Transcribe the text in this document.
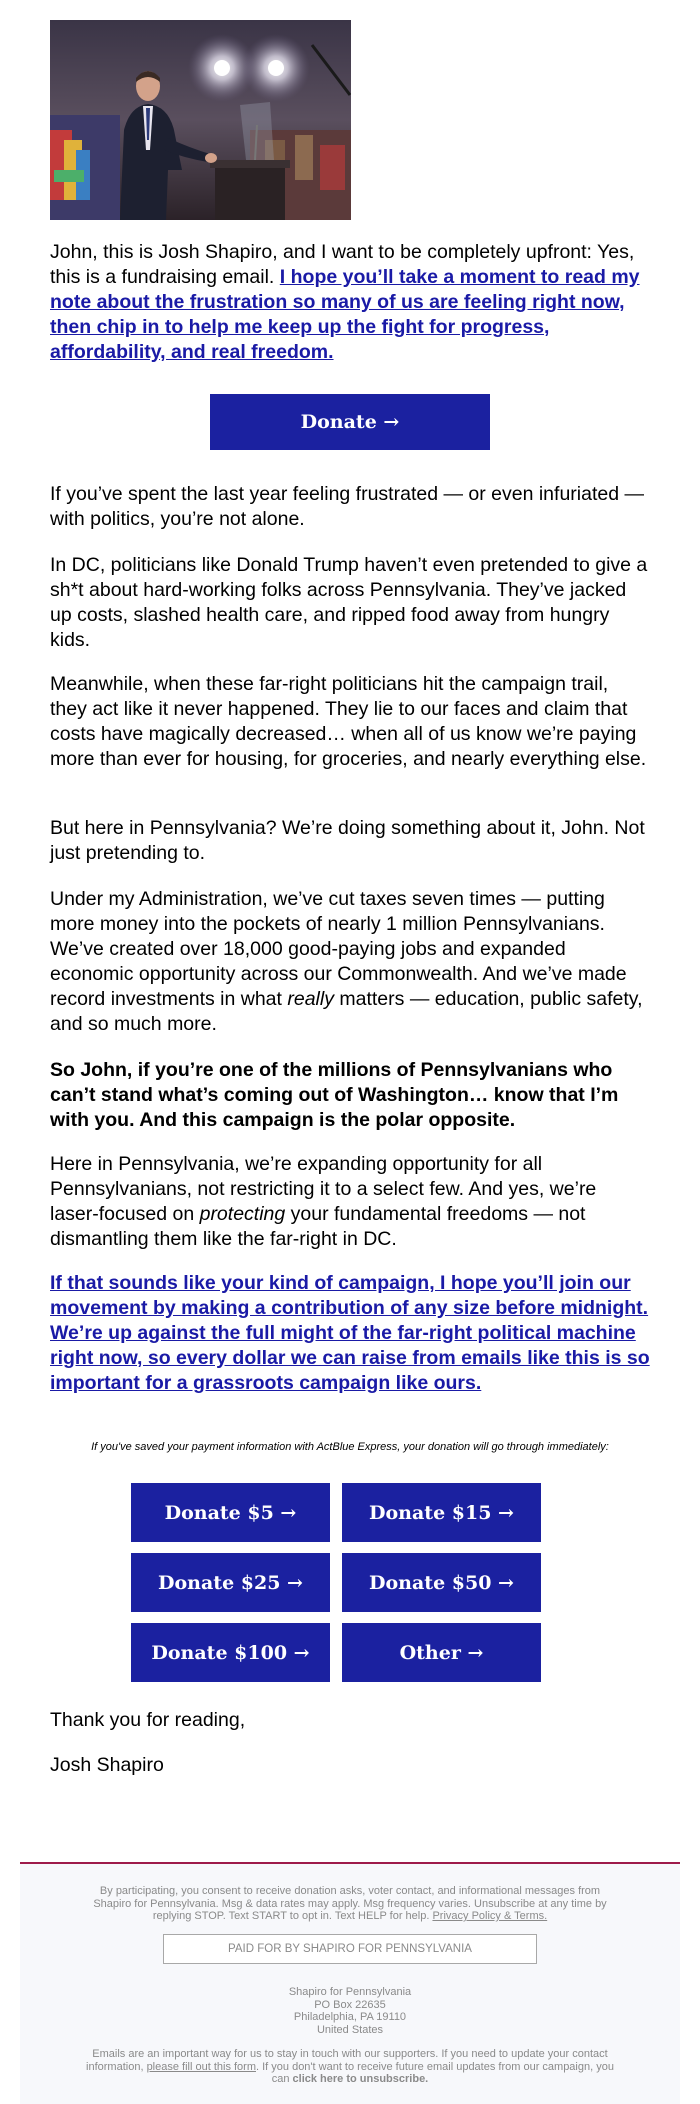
John, this is Josh Shapiro, and I want to be completely upfront: Yes, this is a fundraising email. I hope you’ll take a moment to read my note about the frustration so many of us are feeling right now, then chip in to help me keep up the fight for progress, affordability, and real freedom.

Donate →

If you’ve spent the last year feeling frustrated — or even infuriated — with politics, you’re not alone.

In DC, politicians like Donald Trump haven’t even pretended to give a sh*t about hard-working folks across Pennsylvania. They’ve jacked up costs, slashed health care, and ripped food away from hungry kids.

Meanwhile, when these far-right politicians hit the campaign trail, they act like it never happened. They lie to our faces and claim that costs have magically decreased… when all of us know we’re paying more than ever for housing, for groceries, and nearly everything else.

But here in Pennsylvania? We’re doing something about it, John. Not just pretending to.

Under my Administration, we’ve cut taxes seven times — putting more money into the pockets of nearly 1 million Pennsylvanians. We’ve created over 18,000 good-paying jobs and expanded economic opportunity across our Commonwealth. And we’ve made record investments in what really matters — education, public safety, and so much more.

So John, if you’re one of the millions of Pennsylvanians who can’t stand what’s coming out of Washington… know that I’m with you. And this campaign is the polar opposite.

Here in Pennsylvania, we’re expanding opportunity for all Pennsylvanians, not restricting it to a select few. And yes, we’re laser-focused on protecting your fundamental freedoms — not dismantling them like the far-right in DC.

If that sounds like your kind of campaign, I hope you’ll join our movement by making a contribution of any size before midnight. We’re up against the full might of the far-right political machine right now, so every dollar we can raise from emails like this is so important for a grassroots campaign like ours.

If you've saved your payment information with ActBlue Express, your donation will go through immediately:
Donate $5 →	Donate $15 →
Donate $25 →	Donate $50 →
Donate $100 →	Other →

Thank you for reading,

Josh Shapiro

By participating, you consent to receive donation asks, voter contact, and informational messages from Shapiro for Pennsylvania. Msg & data rates may apply. Msg frequency varies. Unsubscribe at any time by replying STOP. Text START to opt in. Text HELP for help. Privacy Policy & Terms.
PAID FOR BY SHAPIRO FOR PENNSYLVANIA
Shapiro for Pennsylvania
PO Box 22635
Philadelphia, PA 19110
United States
Emails are an important way for us to stay in touch with our supporters. If you need to update your contact information, please fill out this form. If you don't want to receive future email updates from our campaign, you can click here to unsubscribe.
